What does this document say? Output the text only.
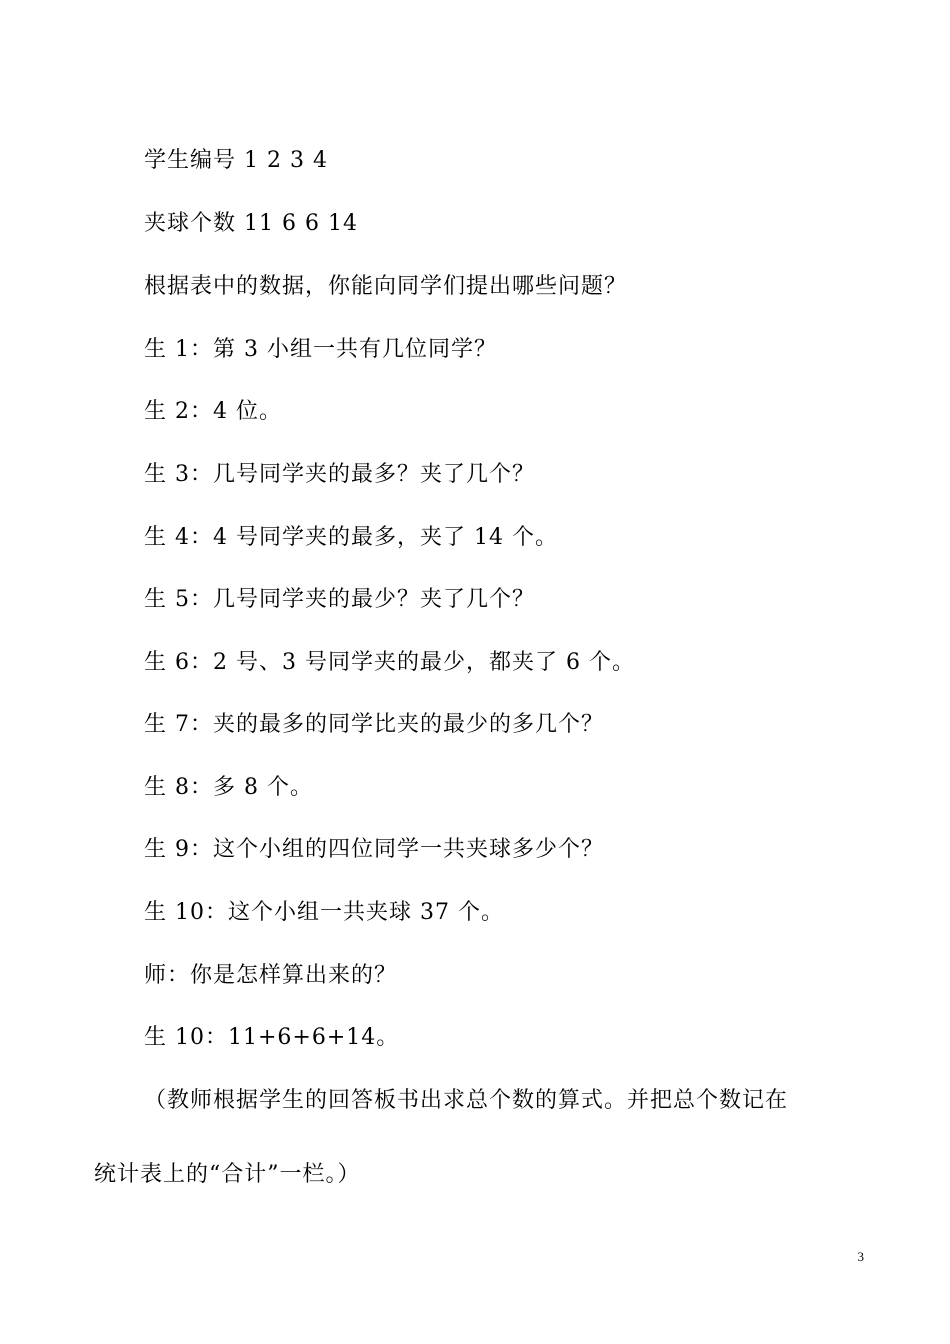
学生编号 1 2 3 4
夹球个数 11 6 6 14
根据表中的数据，你能向同学们提出哪些问题？
生 1：第 3 小组一共有几位同学？
生 2：4 位。
生 3：几号同学夹的最多？夹了几个？
生 4：4 号同学夹的最多，夹了 14 个。
生 5：几号同学夹的最少？夹了几个？
生 6：2 号、3 号同学夹的最少，都夹了 6 个。
生 7：夹的最多的同学比夹的最少的多几个？
生 8：多 8 个。
生 9：这个小组的四位同学一共夹球多少个？
生 10：这个小组一共夹球 37 个。
师：你是怎样算出来的？
生 10：11+6+6+14。
（教师根据学生的回答板书出求总个数的算式。并把总个数记在
统计表上的“合计”一栏。）
3
